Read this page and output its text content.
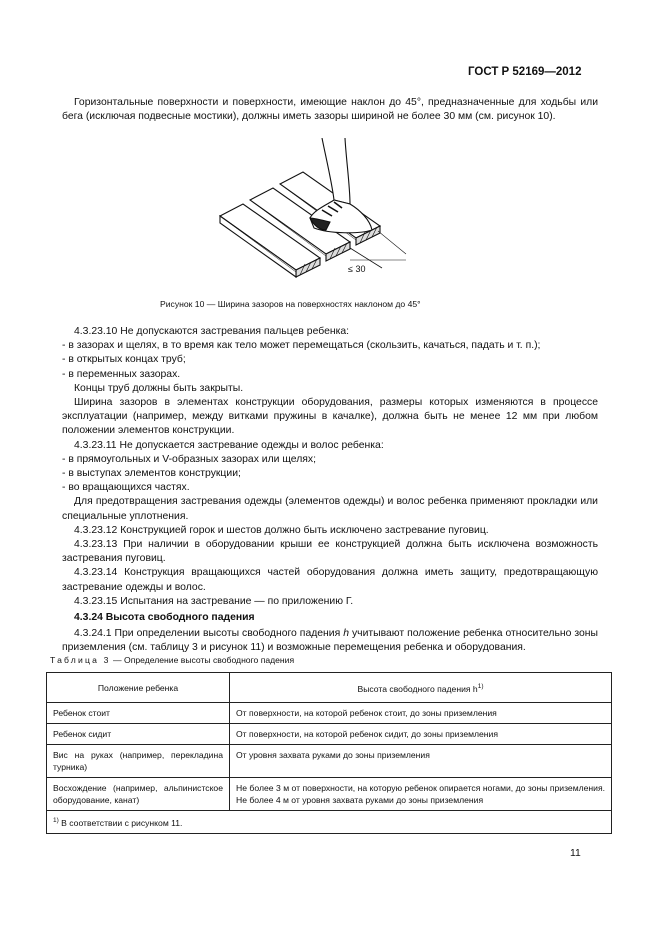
ГОСТ Р 52169—2012

Горизонтальные поверхности и поверхности, имеющие наклон до 45°, предназначенные для ходьбы или бега (исключая подвесные мостики), должны иметь зазоры шириной не более 30 мм (см. рисунок 10).

≤ 30
Рисунок 10 — Ширина зазоров на поверхностях наклоном до 45°

4.3.23.10 Не допускаются застревания пальцев ребенка:

- в зазорах и щелях, в то время как тело может перемещаться (скользить, качаться, падать и т. п.);
- в открытых концах труб;
- в переменных зазорах.

Концы труб должны быть закрыты.

Ширина зазоров в элементах конструкции оборудования, размеры которых изменяются в процессе эксплуатации (например, между витками пружины в качалке), должна быть не менее 12 мм при любом положении элементов конструкции.

4.3.23.11 Не допускается застревание одежды и волос ребенка:

- в прямоугольных и V-образных зазорах или щелях;
- в выступах элементов конструкции;
- во вращающихся частях.

Для предотвращения застревания одежды (элементов одежды) и волос ребенка применяют прокладки или специальные уплотнения.

4.3.23.12 Конструкцией горок и шестов должно быть исключено застревание пуговиц.

4.3.23.13 При наличии в оборудовании крыши ее конструкцией должна быть исключена возможность застревания пуговиц.

4.3.23.14 Конструкция вращающихся частей оборудования должна иметь защиту, предотвращающую застревание одежды и волос.

4.3.23.15 Испытания на застревание — по приложению Г.

4.3.24 Высота свободного падения

4.3.24.1 При определении высоты свободного падения h учитывают положение ребенка относительно зоны приземления (см. таблицу 3 и рисунок 11) и возможные перемещения ребенка и оборудования.

Таблица 3 — Определение высоты свободного падения
Положение ребенка	Высота свободного падения $h^{1)}$
Ребенок стоит	От поверхности, на которой ребенок стоит, до зоны приземления
Ребенок сидит	От поверхности, на которой ребенок сидит, до зоны приземления
Вис на руках (например, перекладина турника)	От уровня захвата руками до зоны приземления
Восхождение (например, альпинистское оборудование, канат)	Не более 3 м от поверхности, на которую ребенок опирается ногами, до зоны приземления. Не более 4 м от уровня захвата руками до зоны приземления
$^{1)}$ В соответствии с рисунком 11.	
11
